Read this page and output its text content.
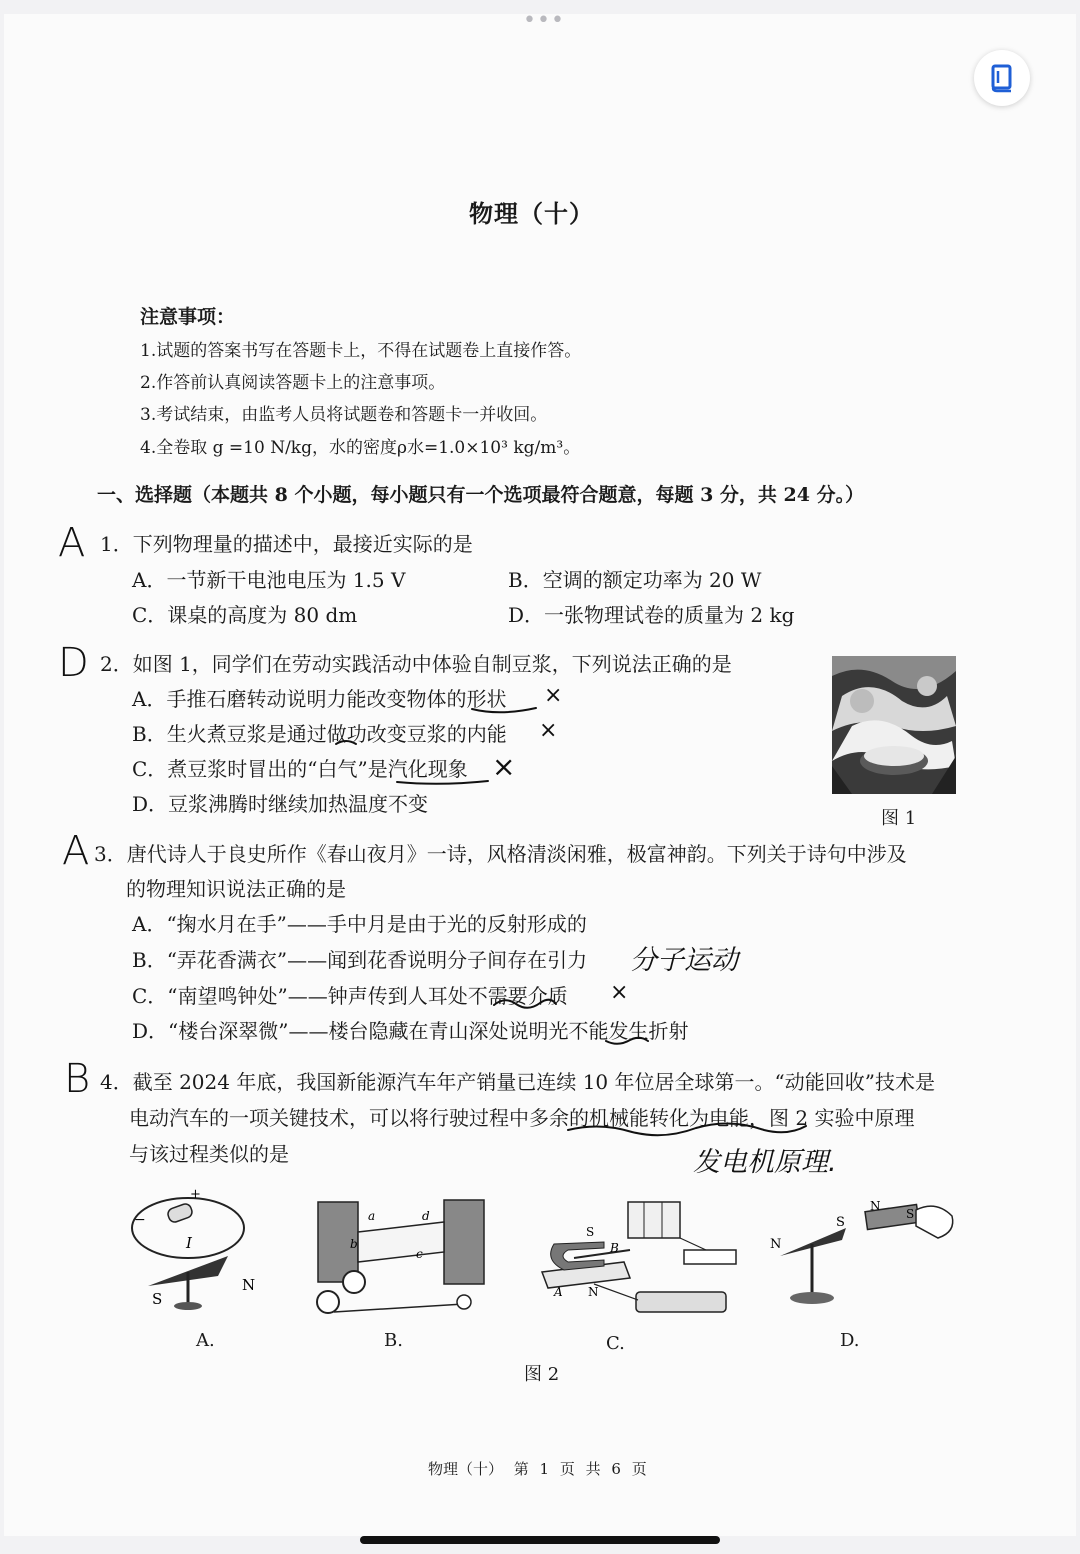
•••
物理（十）
注意事项：
1.试题的答案书写在答题卡上，不得在试题卷上直接作答。
2.作答前认真阅读答题卡上的注意事项。
3.考试结束，由监考人员将试题卷和答题卡一并收回。
4.全卷取 g =10 N/kg，水的密度ρ水=1.0×10³ kg/m³。
一、选择题（本题共 8 个小题，每小题只有一个选项最符合题意，每题 3 分，共 24 分。）
A 1．下列物理量的描述中，最接近实际的是
A．一节新干电池电压为 1.5 V	B．空调的额定功率为 20 W
C．课桌的高度为 80 dm	D．一张物理试卷的质量为 2 kg
D 2．如图 1，同学们在劳动实践活动中体验自制豆浆，下列说法正确的是
A．手推石磨转动说明力能改变物体的形状 ×
B．生火煮豆浆是通过做功改变豆浆的内能 ×
C．煮豆浆时冒出的“白气”是汽化现象 ×
D．豆浆沸腾时继续加热温度不变
图 1
A 3．唐代诗人于良史所作《春山夜月》一诗，风格清淡闲雅，极富神韵。下列关于诗句中涉及
的物理知识说法正确的是
A．“掬水月在手”——手中月是由于光的反射形成的
B．“弄花香满衣”——闻到花香说明分子间存在引力 分子运动
C．“南望鸣钟处”——钟声传到人耳处不需要介质 ×
D．“楼台深翠微”——楼台隐藏在青山深处说明光不能发生折射
B 4．截至 2024 年底，我国新能源汽车年产销量已连续 10 年位居全球第一。“动能回收”技术是
电动汽车的一项关键技术，可以将行驶过程中多余的机械能转化为电能，图 2 实验中原理
与该过程类似的是	发电机原理.
+
−
I
S
N
A.
a
b
c
d
B.
S
B
A N
C.
N
S
N
S
D.
图 2
物理（十） 第 1 页 共 6 页
